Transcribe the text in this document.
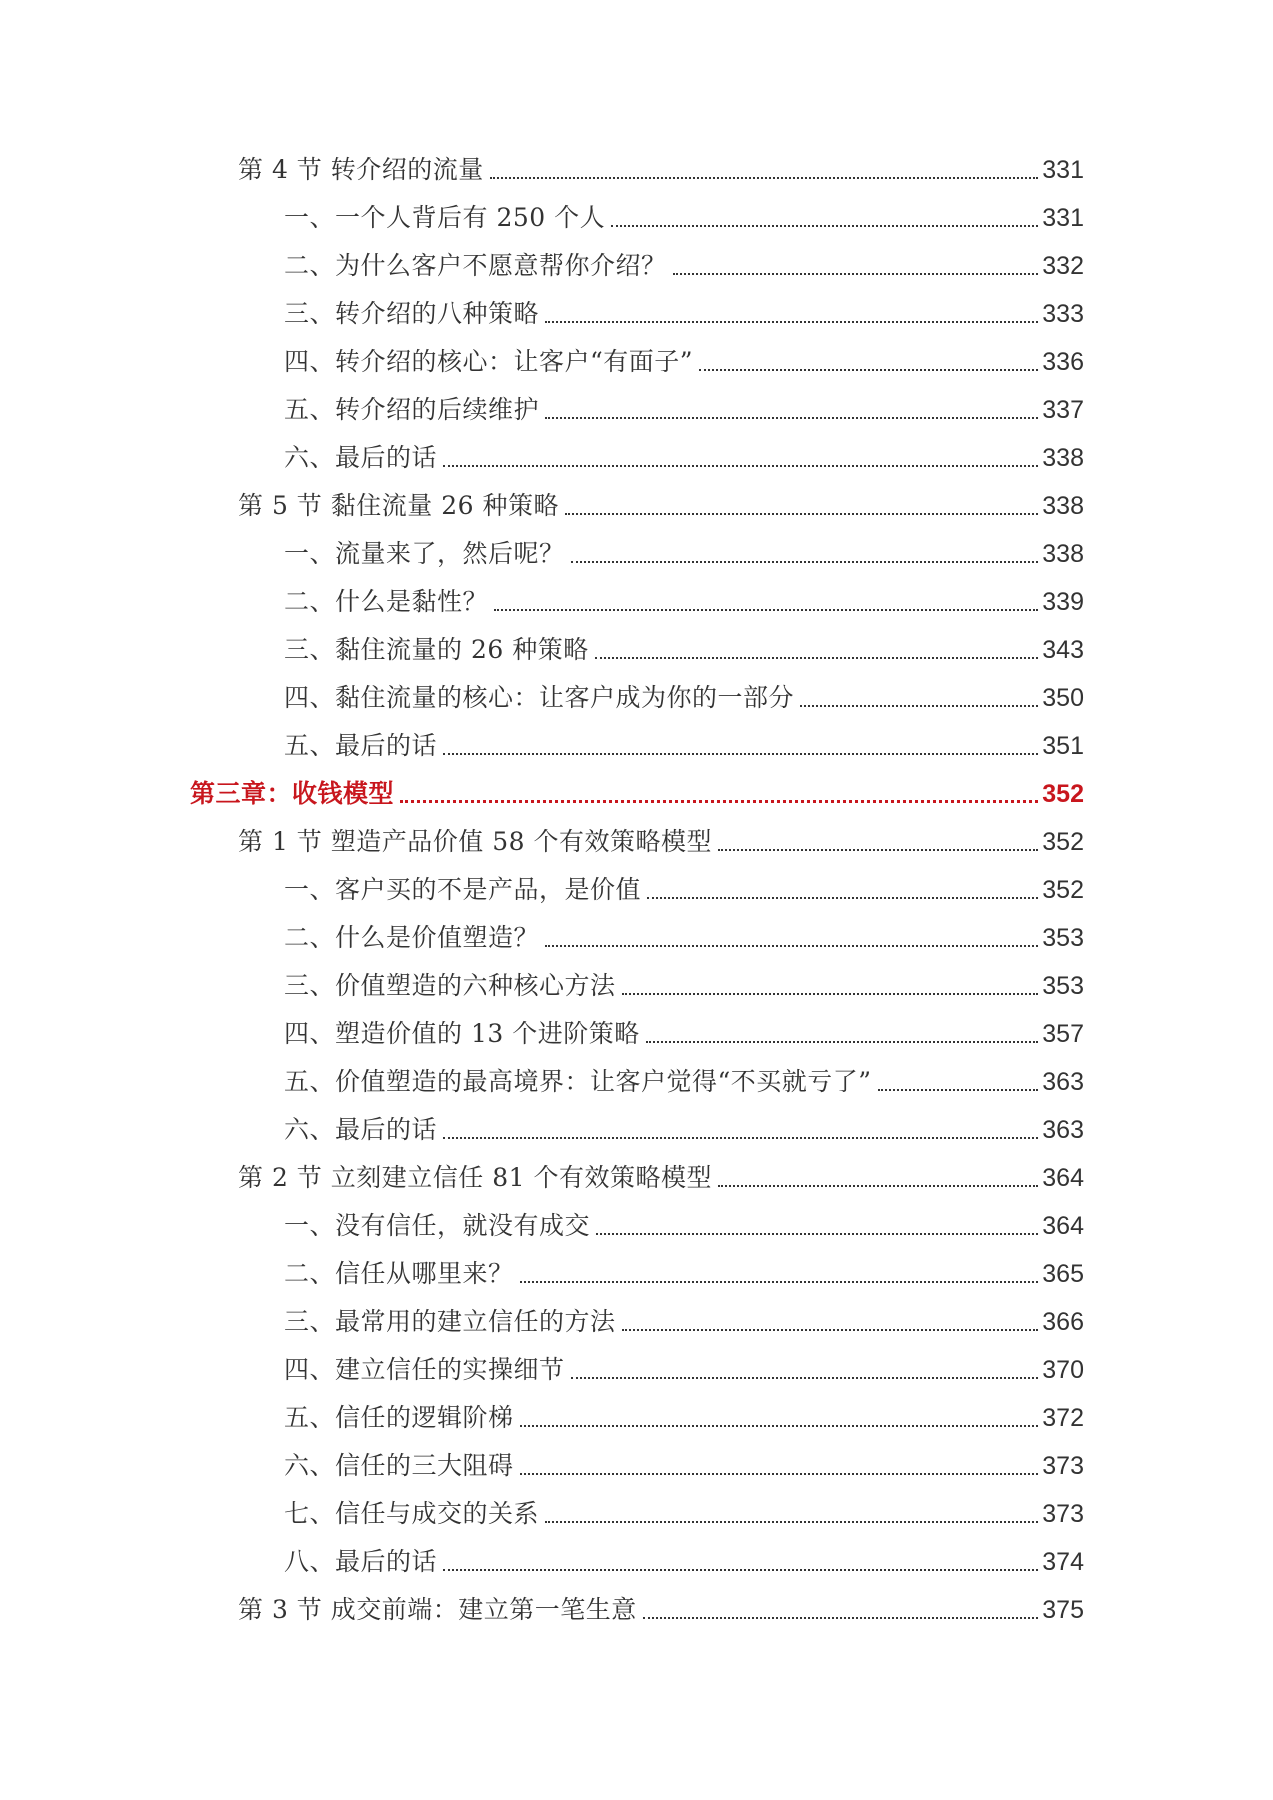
第 4 节 转介绍的流量	331
一、一个人背后有 250 个人	331
二、为什么客户不愿意帮你介绍？	332
三、转介绍的八种策略	333
四、转介绍的核心：让客户“有面子”	336
五、转介绍的后续维护	337
六、最后的话	338
第 5 节 黏住流量 26 种策略	338
一、流量来了，然后呢？	338
二、什么是黏性？	339
三、黏住流量的 26 种策略	343
四、黏住流量的核心：让客户成为你的一部分	350
五、最后的话	351
第三章：收钱模型	352
第 1 节 塑造产品价值 58 个有效策略模型	352
一、客户买的不是产品，是价值	352
二、什么是价值塑造？	353
三、价值塑造的六种核心方法	353
四、塑造价值的 13 个进阶策略	357
五、价值塑造的最高境界：让客户觉得“不买就亏了”	363
六、最后的话	363
第 2 节 立刻建立信任 81 个有效策略模型	364
一、没有信任，就没有成交	364
二、信任从哪里来？	365
三、最常用的建立信任的方法	366
四、建立信任的实操细节	370
五、信任的逻辑阶梯	372
六、信任的三大阻碍	373
七、信任与成交的关系	373
八、最后的话	374
第 3 节 成交前端：建立第一笔生意	375
